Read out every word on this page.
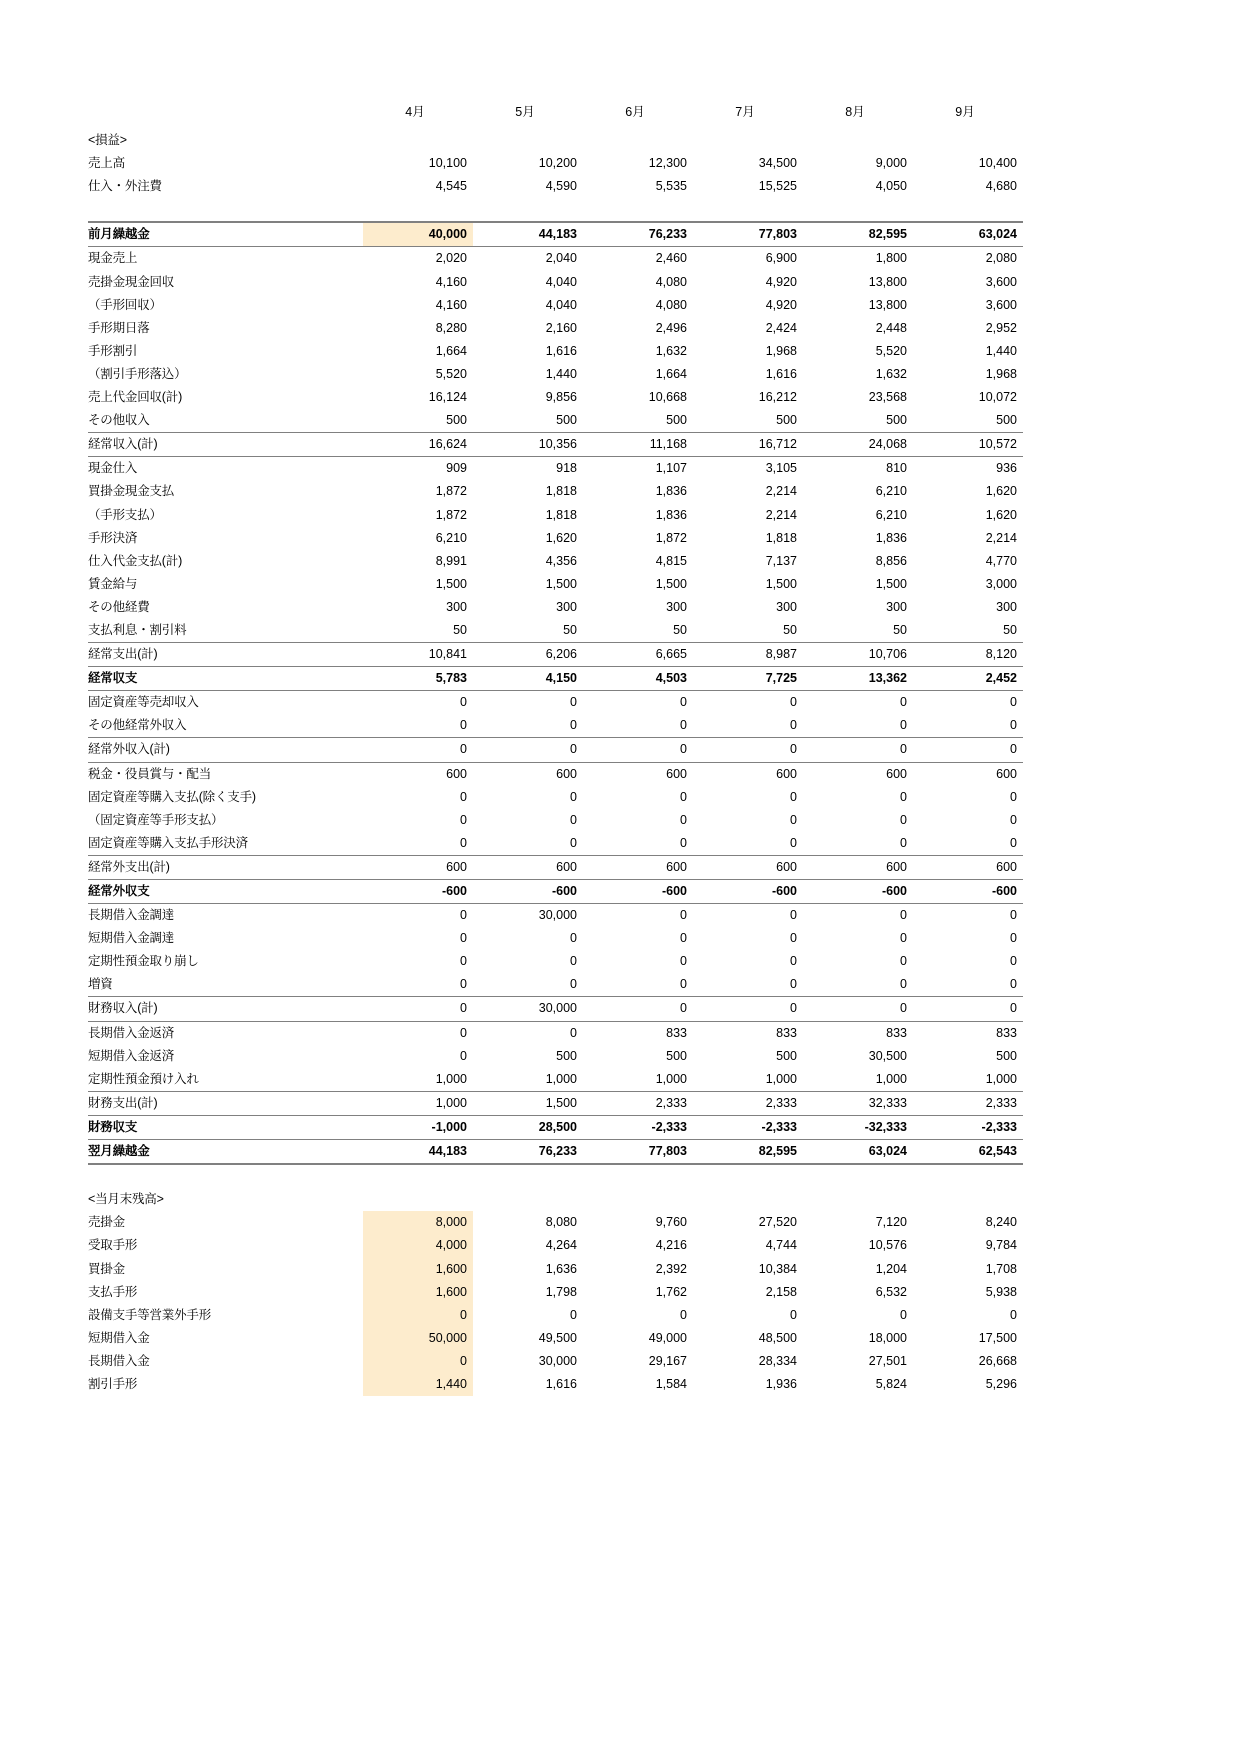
	4月	5月	6月	7月	8月	9月
<損益>						
売上高	10,100	10,200	12,300	34,500	9,000	10,400
仕入・外注費	4,545	4,590	5,535	15,525	4,050	4,680

前月繰越金	40,000	44,183	76,233	77,803	82,595	63,024
現金売上	2,020	2,040	2,460	6,900	1,800	2,080
売掛金現金回収	4,160	4,040	4,080	4,920	13,800	3,600
（手形回収）	4,160	4,040	4,080	4,920	13,800	3,600
手形期日落	8,280	2,160	2,496	2,424	2,448	2,952
手形割引	1,664	1,616	1,632	1,968	5,520	1,440
（割引手形落込）	5,520	1,440	1,664	1,616	1,632	1,968
売上代金回収(計)	16,124	9,856	10,668	16,212	23,568	10,072
その他収入	500	500	500	500	500	500
経常収入(計)	16,624	10,356	11,168	16,712	24,068	10,572
現金仕入	909	918	1,107	3,105	810	936
買掛金現金支払	1,872	1,818	1,836	2,214	6,210	1,620
（手形支払）	1,872	1,818	1,836	2,214	6,210	1,620
手形決済	6,210	1,620	1,872	1,818	1,836	2,214
仕入代金支払(計)	8,991	4,356	4,815	7,137	8,856	4,770
賃金給与	1,500	1,500	1,500	1,500	1,500	3,000
その他経費	300	300	300	300	300	300
支払利息・割引料	50	50	50	50	50	50
経常支出(計)	10,841	6,206	6,665	8,987	10,706	8,120
経常収支	5,783	4,150	4,503	7,725	13,362	2,452
固定資産等売却収入	0	0	0	0	0	0
その他経常外収入	0	0	0	0	0	0
経常外収入(計)	0	0	0	0	0	0
税金・役員賞与・配当	600	600	600	600	600	600
固定資産等購入支払(除く支手)	0	0	0	0	0	0
（固定資産等手形支払）	0	0	0	0	0	0
固定資産等購入支払手形決済	0	0	0	0	0	0
経常外支出(計)	600	600	600	600	600	600
経常外収支	-600	-600	-600	-600	-600	-600
長期借入金調達	0	30,000	0	0	0	0
短期借入金調達	0	0	0	0	0	0
定期性預金取り崩し	0	0	0	0	0	0
増資	0	0	0	0	0	0
財務収入(計)	0	30,000	0	0	0	0
長期借入金返済	0	0	833	833	833	833
短期借入金返済	0	500	500	500	30,500	500
定期性預金預け入れ	1,000	1,000	1,000	1,000	1,000	1,000
財務支出(計)	1,000	1,500	2,333	2,333	32,333	2,333
財務収支	-1,000	28,500	-2,333	-2,333	-32,333	-2,333
翌月繰越金	44,183	76,233	77,803	82,595	63,024	62,543

<当月末残高>						
売掛金	8,000	8,080	9,760	27,520	7,120	8,240
受取手形	4,000	4,264	4,216	4,744	10,576	9,784
買掛金	1,600	1,636	2,392	10,384	1,204	1,708
支払手形	1,600	1,798	1,762	2,158	6,532	5,938
設備支手等営業外手形	0	0	0	0	0	0
短期借入金	50,000	49,500	49,000	48,500	18,000	17,500
長期借入金	0	30,000	29,167	28,334	27,501	26,668
割引手形	1,440	1,616	1,584	1,936	5,824	5,296
